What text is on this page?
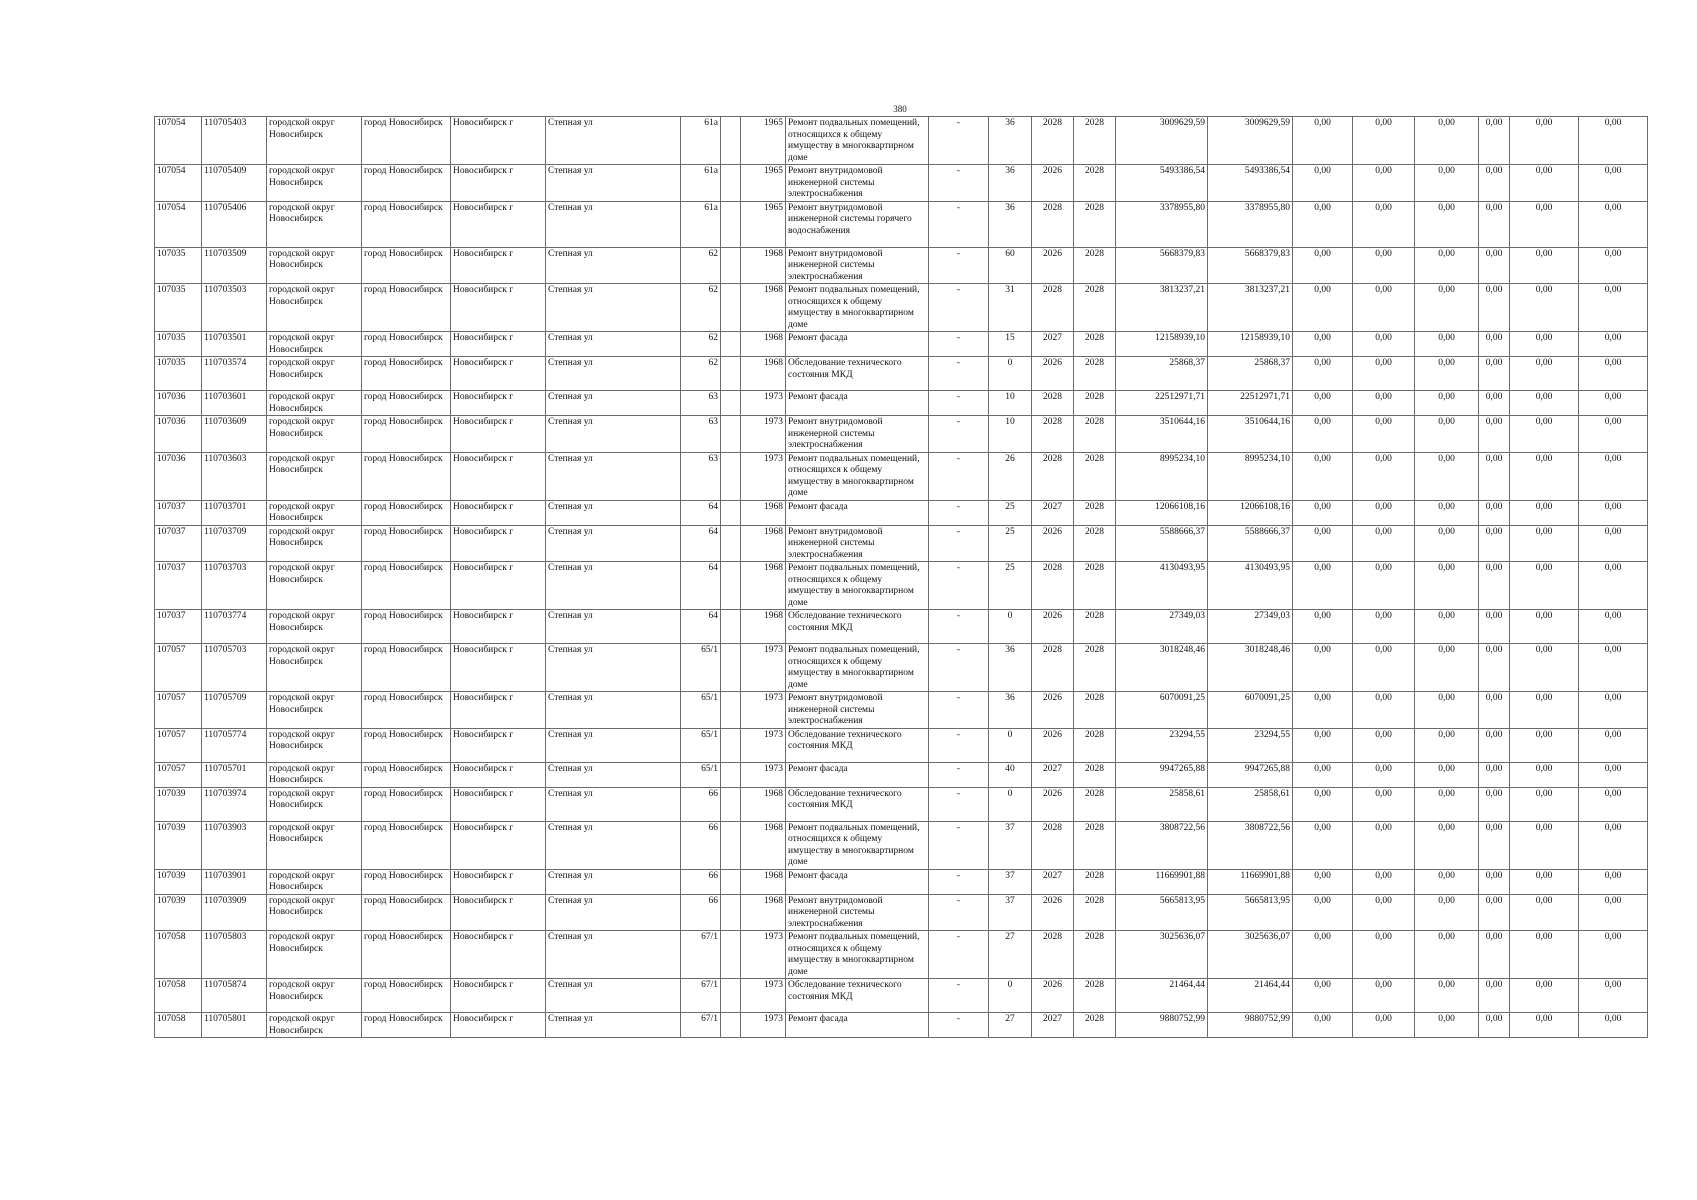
380
107054	110705403	городской округ Новосибирск	город Новосибирск	Новосибирск г	Степная ул	61а		1965	Ремонт подвальных помещений, относящихся к общему имуществу в многоквартирном доме	-	36	2028	2028	3009629,59	3009629,59	0,00	0,00	0,00	0,00	0,00	0,00
107054	110705409	городской округ Новосибирск	город Новосибирск	Новосибирск г	Степная ул	61а		1965	Ремонт внутридомовой инженерной системы электроснабжения	-	36	2026	2028	5493386,54	5493386,54	0,00	0,00	0,00	0,00	0,00	0,00
107054	110705406	городской округ Новосибирск	город Новосибирск	Новосибирск г	Степная ул	61а		1965	Ремонт внутридомовой инженерной системы горячего водоснабжения	-	36	2028	2028	3378955,80	3378955,80	0,00	0,00	0,00	0,00	0,00	0,00
107035	110703509	городской округ Новосибирск	город Новосибирск	Новосибирск г	Степная ул	62		1968	Ремонт внутридомовой инженерной системы электроснабжения	-	60	2026	2028	5668379,83	5668379,83	0,00	0,00	0,00	0,00	0,00	0,00
107035	110703503	городской округ Новосибирск	город Новосибирск	Новосибирск г	Степная ул	62		1968	Ремонт подвальных помещений, относящихся к общему имуществу в многоквартирном доме	-	31	2028	2028	3813237,21	3813237,21	0,00	0,00	0,00	0,00	0,00	0,00
107035	110703501	городской округ Новосибирск	город Новосибирск	Новосибирск г	Степная ул	62		1968	Ремонт фасада	-	15	2027	2028	12158939,10	12158939,10	0,00	0,00	0,00	0,00	0,00	0,00
107035	110703574	городской округ Новосибирск	город Новосибирск	Новосибирск г	Степная ул	62		1968	Обследование технического состояния МКД	-	0	2026	2028	25868,37	25868,37	0,00	0,00	0,00	0,00	0,00	0,00
107036	110703601	городской округ Новосибирск	город Новосибирск	Новосибирск г	Степная ул	63		1973	Ремонт фасада	-	10	2028	2028	22512971,71	22512971,71	0,00	0,00	0,00	0,00	0,00	0,00
107036	110703609	городской округ Новосибирск	город Новосибирск	Новосибирск г	Степная ул	63		1973	Ремонт внутридомовой инженерной системы электроснабжения	-	10	2028	2028	3510644,16	3510644,16	0,00	0,00	0,00	0,00	0,00	0,00
107036	110703603	городской округ Новосибирск	город Новосибирск	Новосибирск г	Степная ул	63		1973	Ремонт подвальных помещений, относящихся к общему имуществу в многоквартирном доме	-	26	2028	2028	8995234,10	8995234,10	0,00	0,00	0,00	0,00	0,00	0,00
107037	110703701	городской округ Новосибирск	город Новосибирск	Новосибирск г	Степная ул	64		1968	Ремонт фасада	-	25	2027	2028	12066108,16	12066108,16	0,00	0,00	0,00	0,00	0,00	0,00
107037	110703709	городской округ Новосибирск	город Новосибирск	Новосибирск г	Степная ул	64		1968	Ремонт внутридомовой инженерной системы электроснабжения	-	25	2026	2028	5588666,37	5588666,37	0,00	0,00	0,00	0,00	0,00	0,00
107037	110703703	городской округ Новосибирск	город Новосибирск	Новосибирск г	Степная ул	64		1968	Ремонт подвальных помещений, относящихся к общему имуществу в многоквартирном доме	-	25	2028	2028	4130493,95	4130493,95	0,00	0,00	0,00	0,00	0,00	0,00
107037	110703774	городской округ Новосибирск	город Новосибирск	Новосибирск г	Степная ул	64		1968	Обследование технического состояния МКД	-	0	2026	2028	27349,03	27349,03	0,00	0,00	0,00	0,00	0,00	0,00
107057	110705703	городской округ Новосибирск	город Новосибирск	Новосибирск г	Степная ул	65/1		1973	Ремонт подвальных помещений, относящихся к общему имуществу в многоквартирном доме	-	36	2028	2028	3018248,46	3018248,46	0,00	0,00	0,00	0,00	0,00	0,00
107057	110705709	городской округ Новосибирск	город Новосибирск	Новосибирск г	Степная ул	65/1		1973	Ремонт внутридомовой инженерной системы электроснабжения	-	36	2026	2028	6070091,25	6070091,25	0,00	0,00	0,00	0,00	0,00	0,00
107057	110705774	городской округ Новосибирск	город Новосибирск	Новосибирск г	Степная ул	65/1		1973	Обследование технического состояния МКД	-	0	2026	2028	23294,55	23294,55	0,00	0,00	0,00	0,00	0,00	0,00
107057	110705701	городской округ Новосибирск	город Новосибирск	Новосибирск г	Степная ул	65/1		1973	Ремонт фасада	-	40	2027	2028	9947265,88	9947265,88	0,00	0,00	0,00	0,00	0,00	0,00
107039	110703974	городской округ Новосибирск	город Новосибирск	Новосибирск г	Степная ул	66		1968	Обследование технического состояния МКД	-	0	2026	2028	25858,61	25858,61	0,00	0,00	0,00	0,00	0,00	0,00
107039	110703903	городской округ Новосибирск	город Новосибирск	Новосибирск г	Степная ул	66		1968	Ремонт подвальных помещений, относящихся к общему имуществу в многоквартирном доме	-	37	2028	2028	3808722,56	3808722,56	0,00	0,00	0,00	0,00	0,00	0,00
107039	110703901	городской округ Новосибирск	город Новосибирск	Новосибирск г	Степная ул	66		1968	Ремонт фасада	-	37	2027	2028	11669901,88	11669901,88	0,00	0,00	0,00	0,00	0,00	0,00
107039	110703909	городской округ Новосибирск	город Новосибирск	Новосибирск г	Степная ул	66		1968	Ремонт внутридомовой инженерной системы электроснабжения	-	37	2026	2028	5665813,95	5665813,95	0,00	0,00	0,00	0,00	0,00	0,00
107058	110705803	городской округ Новосибирск	город Новосибирск	Новосибирск г	Степная ул	67/1		1973	Ремонт подвальных помещений, относящихся к общему имуществу в многоквартирном доме	-	27	2028	2028	3025636,07	3025636,07	0,00	0,00	0,00	0,00	0,00	0,00
107058	110705874	городской округ Новосибирск	город Новосибирск	Новосибирск г	Степная ул	67/1		1973	Обследование технического состояния МКД	-	0	2026	2028	21464,44	21464,44	0,00	0,00	0,00	0,00	0,00	0,00
107058	110705801	городской округ Новосибирск	город Новосибирск	Новосибирск г	Степная ул	67/1		1973	Ремонт фасада	-	27	2027	2028	9880752,99	9880752,99	0,00	0,00	0,00	0,00	0,00	0,00
